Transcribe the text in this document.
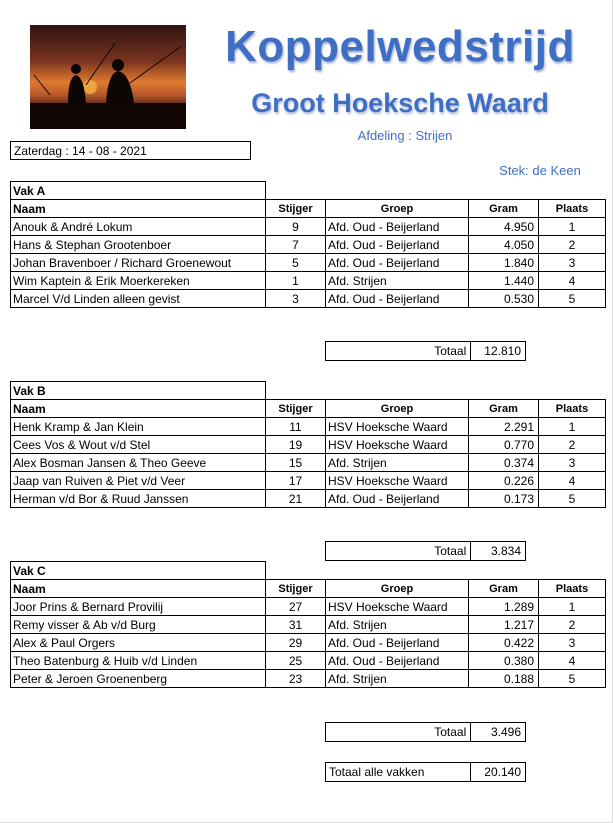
Koppelwedstrijd
Groot Hoeksche Waard
Afdeling : Strijen
Stek: de Keen
Zaterdag : 14 - 08 - 2021
Vak A				
Naam	Stijger	Groep	Gram	Plaats
Anouk & André Lokum	9	Afd. Oud - Beijerland	4.950	1
Hans & Stephan Grootenboer	7	Afd. Oud - Beijerland	4.050	2
Johan Bravenboer / Richard Groenewout	5	Afd. Oud - Beijerland	1.840	3
Wim Kaptein & Erik Moerkereken	1	Afd. Strijen	1.440	4
Marcel V/d Linden alleen gevist	3	Afd. Oud - Beijerland	0.530	5
Totaal	12.810
Vak B				
Naam	Stijger	Groep	Gram	Plaats
Henk Kramp & Jan Klein	11	HSV Hoeksche Waard	2.291	1
Cees Vos & Wout v/d Stel	19	HSV Hoeksche Waard	0.770	2
Alex Bosman Jansen & Theo Geeve	15	Afd. Strijen	0.374	3
Jaap van Ruiven & Piet v/d Veer	17	HSV Hoeksche Waard	0.226	4
Herman v/d Bor & Ruud Janssen	21	Afd. Oud - Beijerland	0.173	5
Totaal	3.834
Vak C				
Naam	Stijger	Groep	Gram	Plaats
Joor Prins & Bernard Provilij	27	HSV Hoeksche Waard	1.289	1
Remy visser & Ab v/d Burg	31	Afd. Strijen	1.217	2
Alex & Paul Orgers	29	Afd. Oud - Beijerland	0.422	3
Theo Batenburg & Huib v/d Linden	25	Afd. Oud - Beijerland	0.380	4
Peter & Jeroen Groenenberg	23	Afd. Strijen	0.188	5
Totaal	3.496
Totaal alle vakken	20.140
